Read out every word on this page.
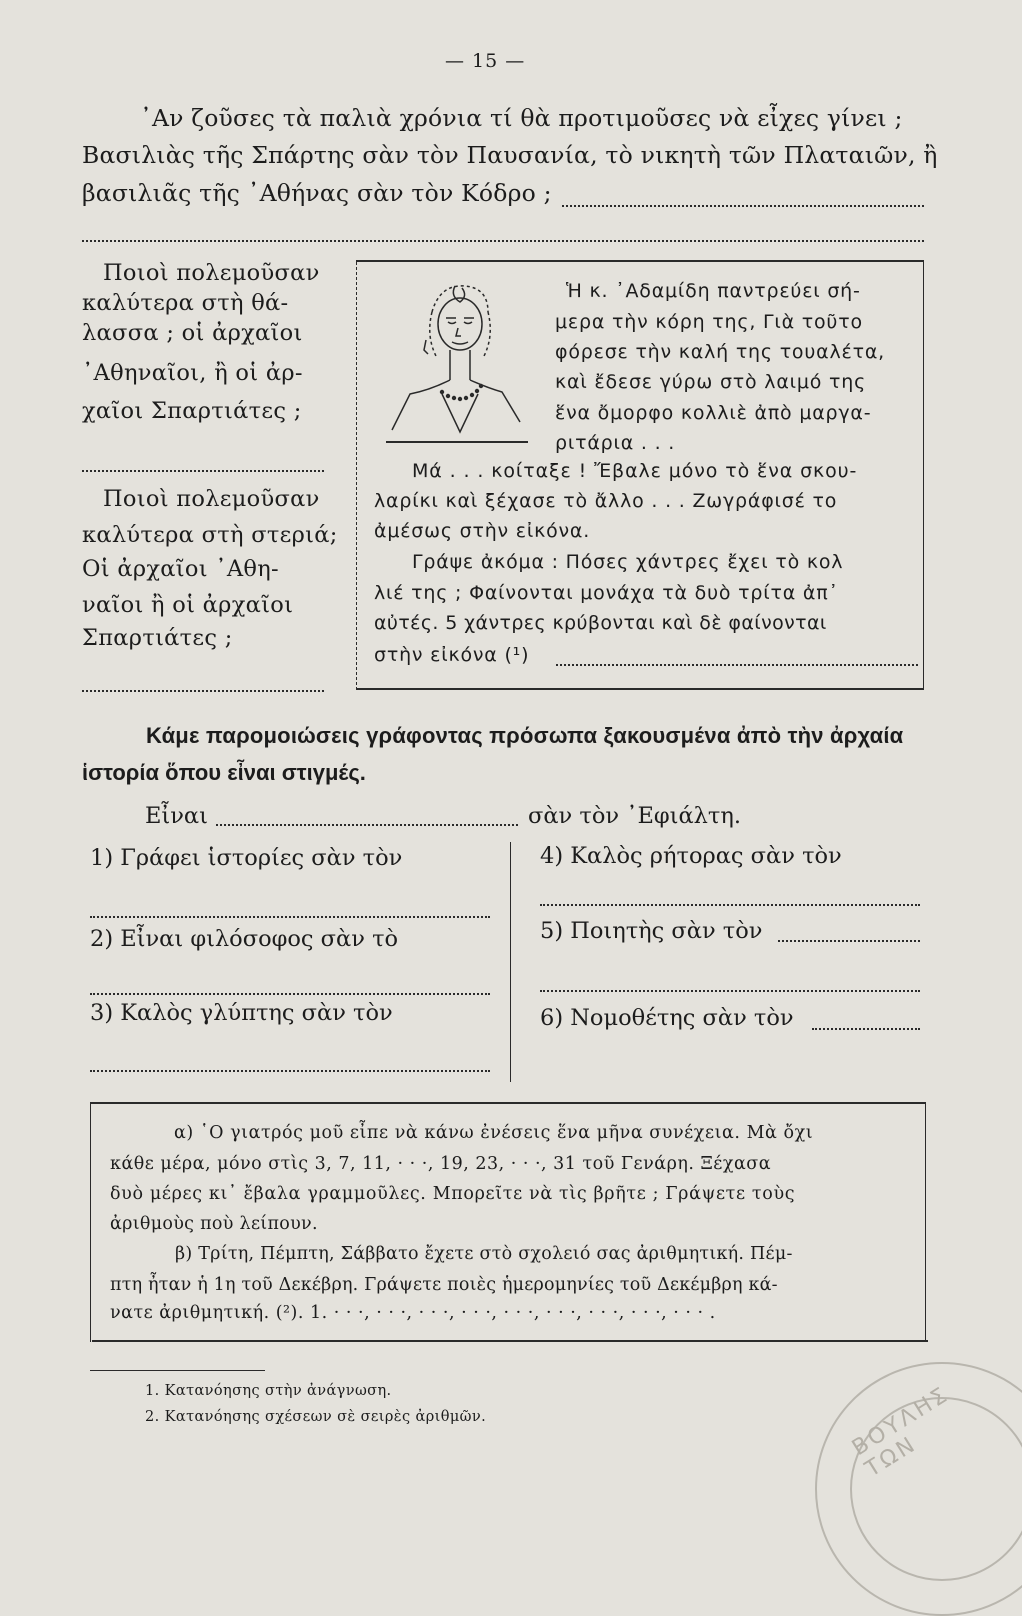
— 15 —
᾿Αν ζοῦσες τὰ παλιὰ χρόνια τί θὰ προτιμοῦσες νὰ εἶχες γίνει ;
Βασιλιὰς τῆς Σπάρτης σὰν τὸν Παυσανία, τὸ νικητὴ τῶν Πλαταιῶν, ἢ
βασιλιᾶς τῆς ᾿Αθήνας σὰν τὸν Κόδρο ;
Ποιοὶ πολεμοῦσαν
καλύτερα στὴ θά-
λασσα ; οἱ ἀρχαῖοι
᾿Αθηναῖοι, ἢ οἱ ἀρ-
χαῖοι Σπαρτιάτες ;
Ποιοὶ πολεμοῦσαν
καλύτερα στὴ στεριά;
Οἱ ἀρχαῖοι ᾿Αθη-
ναῖοι ἢ οἱ ἀρχαῖοι
Σπαρτιάτες ;
Ἡ κ. ᾿Αδαμίδη παντρεύει σή-
μερα τὴν κόρη της, Γιὰ τοῦτο
φόρεσε τὴν καλή της τουαλέτα,
καὶ ἔδεσε γύρω στὸ λαιμό της
ἕνα ὄμορφο κολλιὲ ἀπὸ μαργα-
ριτάρια . . .
Μά . . . κοίταξε ! Ἔβαλε μόνο τὸ ἕνα σκου-
λαρίκι καὶ ξέχασε τὸ ἄλλο . . . Ζωγράφισέ το
ἀμέσως στὴν εἰκόνα.
Γράψε ἀκόμα : Πόσες χάντρες ἔχει τὸ κολ
λιέ της ; Φαίνονται μονάχα τὰ δυὸ τρίτα ἀπ᾿
αὐτές. 5 χάντρες κρύβονται καὶ δὲ φαίνονται
στὴν εἰκόνα (¹)
Κάμε παρομοιώσεις γράφοντας πρόσωπα ξακουσμένα ἀπὸ τὴν ἀρχαία
ἱστορία ὅπου εἶναι στιγμές.
Εἶναι	σὰν τὸν ᾿Εφιάλτη.
1) Γράφει ἱστορίες σὰν τὸν
2) Εἶναι φιλόσοφος σὰν τὸ
3) Καλὸς γλύπτης σὰν τὸν
4) Καλὸς ρήτορας σὰν τὸν
5) Ποιητὴς σὰν τὸν
6) Νομοθέτης σὰν τὸν
α) ῾Ο γιατρός μοῦ εἶπε νὰ κάνω ἐνέσεις ἕνα μῆνα συνέχεια. Μὰ ὄχι
κάθε μέρα, μόνο στὶς 3, 7, 11, · · ·, 19, 23, · · ·, 31 τοῦ Γενάρη. Ξέχασα
δυὸ μέρες κι᾿ ἔβαλα γραμμοῦλες. Μπορεῖτε νὰ τὶς βρῆτε ; Γράψετε τοὺς
ἀριθμοὺς ποὺ λείπουν.
β) Τρίτη, Πέμπτη, Σάββατο ἔχετε στὸ σχολειό σας ἀριθμητική. Πέμ-
πτη ἦταν ἡ 1η τοῦ Δεκέβρη. Γράψετε ποιὲς ἡμερομηνίες τοῦ Δεκέμβρη κά-
νατε ἀριθμητική. (²). 1. · · ·, · · ·, · · ·, · · ·, · · ·, · · ·, · · ·, · · ·, · · · .
1. Κατανόησης στὴν ἀνάγνωση.
2. Κατανόησης σχέσεων σὲ σειρὲς ἀριθμῶν.	ΒΟΥΛΗΣ ΤΩΝ
